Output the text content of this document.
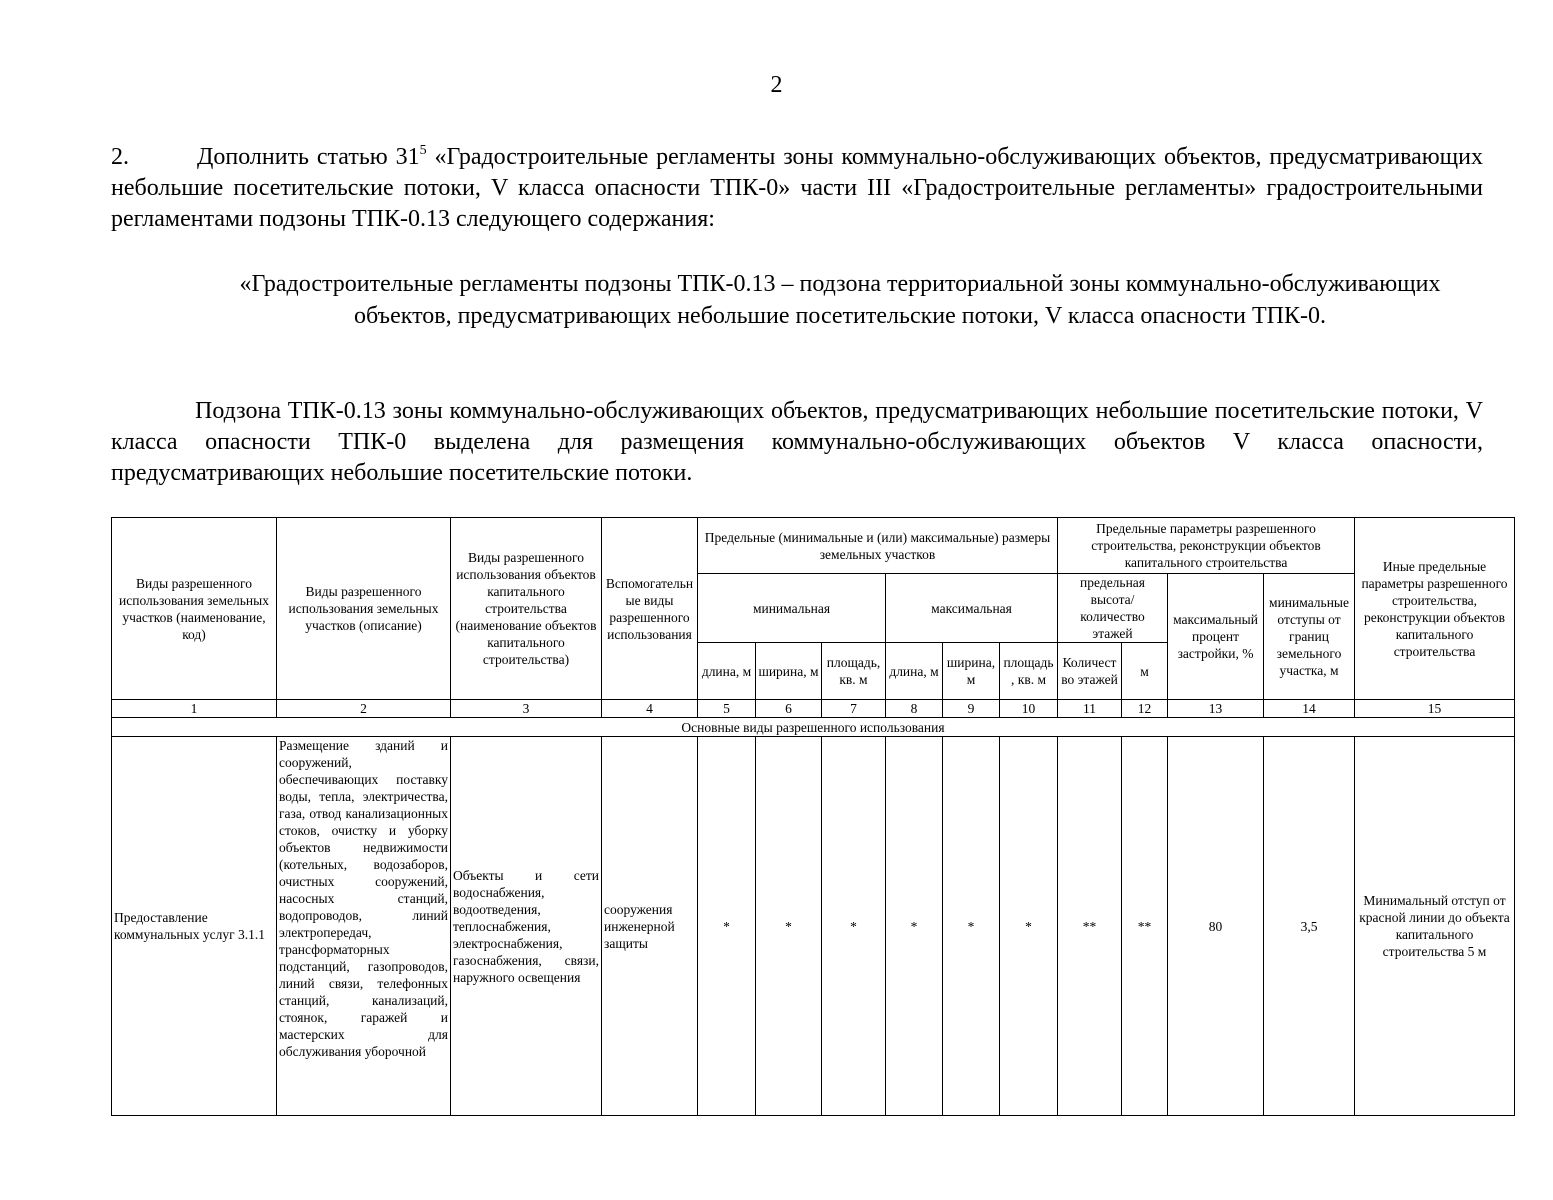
2
2.	Дополнить статью $31^5$ «Градостроительные регламенты зоны коммунально-обслуживающих объектов, предусматривающих небольшие посетительские потоки, V класса опасности ТПК-0» части III «Градостроительные регламенты» градостроительными регламентами подзоны ТПК-0.13 следующего содержания:
«Градостроительные регламенты подзоны ТПК-0.13 – подзона территориальной зоны коммунально-обслуживающих объектов, предусматривающих небольшие посетительские потоки, V класса опасности ТПК-0.
Подзона ТПК-0.13 зоны коммунально-обслуживающих объектов, предусматривающих небольшие посетительские потоки, V класса опасности ТПК-0 выделена для размещения коммунально-обслуживающих объектов V класса опасности, предусматривающих небольшие посетительские потоки.
Виды разрешенного использования земельных участков (наименование, код)	Виды разрешенного использования земельных участков (описание)	Виды разрешенного использования объектов капитального строительства (наименование объектов капитального строительства)	Вспомогательные виды разрешенного использования	Предельные (минимальные и (или) максимальные) размеры земельных участков						Предельные параметры разрешенного строительства, реконструкции объектов капитального строительства				Иные предельные параметры разрешенного строительства, реконструкции объектов капитального строительства
				минимальная			максимальная			предельная высота/количество этажей		максимальный процент застройки, %	минимальные отступы от границ земельного участка, м	
				длина, м	ширина, м	площадь, кв. м	длина, м	ширина, м	площадь, кв. м	Количество этажей	м			
1	2	3	4	5	6	7	8	9	10	11	12	13	14	15
Основные виды разрешенного использования														
Предоставление коммунальных услуг 3.1.1	Размещение зданий и сооружений, обеспечивающих поставку воды, тепла, электричества, газа, отвод канализационных стоков, очистку и уборку объектов недвижимости (котельных, водозаборов, очистных сооружений, насосных станций, водопроводов, линий электропередач, трансформаторных подстанций, газопроводов, линий связи, телефонных станций, канализаций, стоянок, гаражей и мастерских для обслуживания уборочной	Объекты и сети водоснабжения, водоотведения, теплоснабжения, электроснабжения, газоснабжения, связи, наружного освещения	сооружения инженерной защиты	*	*	*	*	*	*	**	**	80	3,5	Минимальный отступ от красной линии до объекта капитального строительства 5 м
